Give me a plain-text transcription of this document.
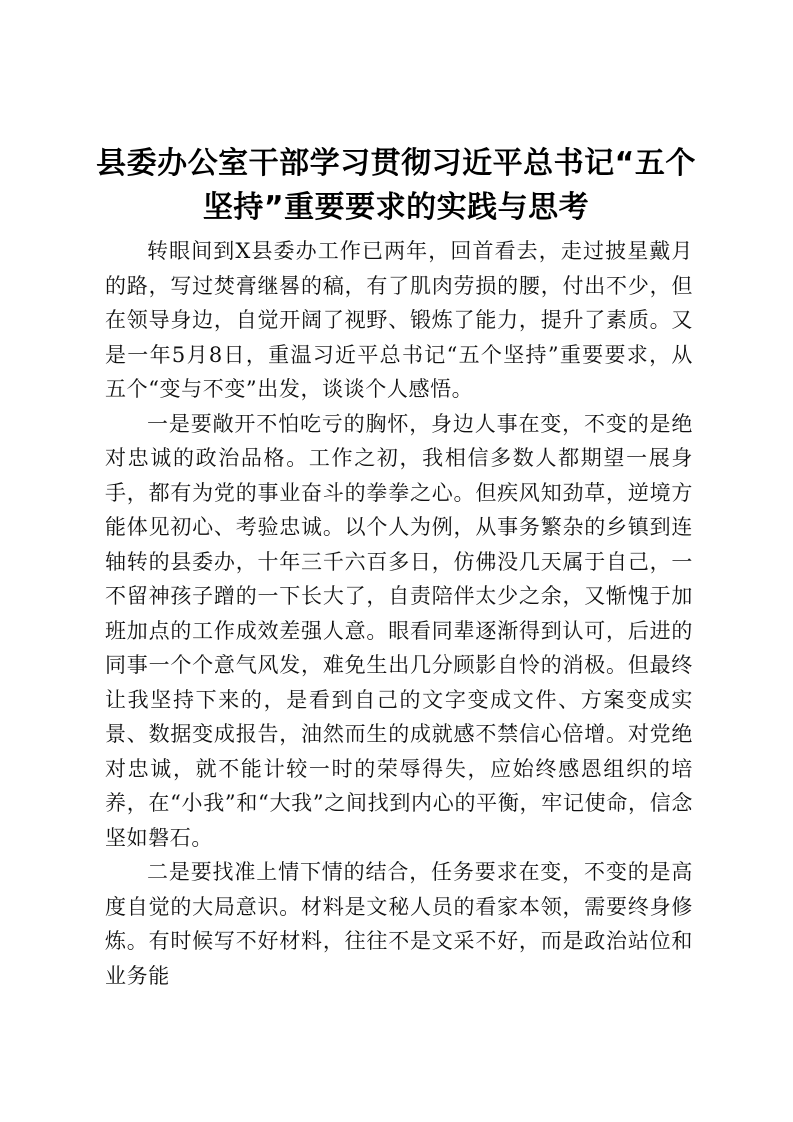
县委办公室干部学习贯彻习近平总书记“五个坚持”重要要求的实践与思考

转眼间到X县委办工作已两年，回首看去，走过披星戴月的路，写过焚膏继晷的稿，有了肌肉劳损的腰，付出不少，但在领导身边，自觉开阔了视野、锻炼了能力，提升了素质。又是一年5月8日，重温习近平总书记“五个坚持”重要要求，从五个“变与不变”出发，谈谈个人感悟。

一是要敞开不怕吃亏的胸怀，身边人事在变，不变的是绝对忠诚的政治品格。工作之初，我相信多数人都期望一展身手，都有为党的事业奋斗的拳拳之心。但疾风知劲草，逆境方能体见初心、考验忠诚。以个人为例，从事务繁杂的乡镇到连轴转的县委办，十年三千六百多日，仿佛没几天属于自己，一不留神孩子蹭的一下长大了，自责陪伴太少之余，又惭愧于加班加点的工作成效差强人意。眼看同辈逐渐得到认可，后进的同事一个个意气风发，难免生出几分顾影自怜的消极。但最终让我坚持下来的，是看到自己的文字变成文件、方案变成实景、数据变成报告，油然而生的成就感不禁信心倍增。对党绝对忠诚，就不能计较一时的荣辱得失，应始终感恩组织的培养，在“小我”和“大我”之间找到内心的平衡，牢记使命，信念坚如磐石。

二是要找准上情下情的结合，任务要求在变，不变的是高度自觉的大局意识。材料是文秘人员的看家本领，需要终身修炼。有时候写不好材料，往往不是文采不好，而是政治站位和业务能
